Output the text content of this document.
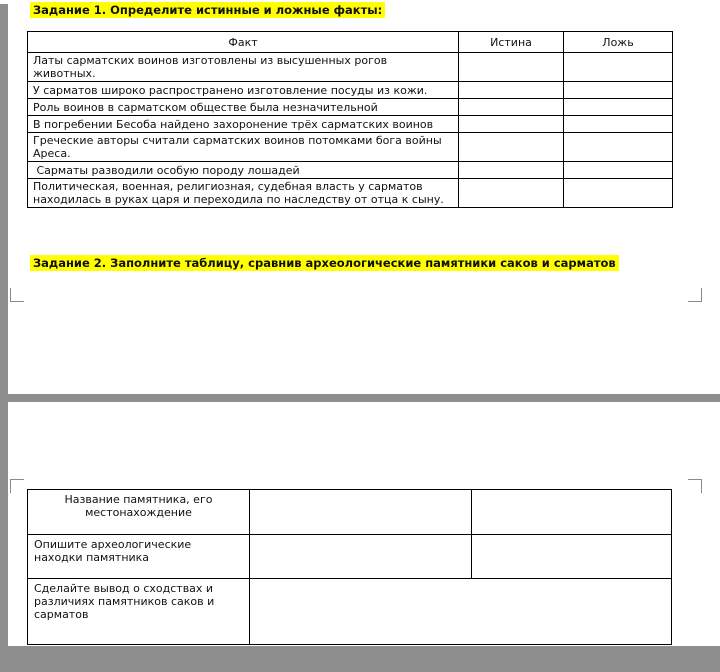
Задание 1. Определите истинные и ложные факты:
Факт	Истина	Ложь
Латы сарматских воинов изготовлены из высушенных рогов животных.		
У сарматов широко распространено изготовление посуды из кожи.		
Роль воинов в сарматском обществе была незначительной		
В погребении Бесоба найдено захоронение трёх сарматских воинов		
Греческие авторы считали сарматских воинов потомками бога войны Ареса.		
Сарматы разводили особую породу лошадей		
Политическая, военная, религиозная, судебная власть у сарматов находилась в руках царя и переходила по наследству от отца к сыну.		
Задание 2. Заполните таблицу, сравнив археологические памятники саков и сарматов
Название памятника, его местонахождение		
Опишите археологические находки памятника		
Сделайте вывод о сходствах и различиях памятников саков и сарматов		
